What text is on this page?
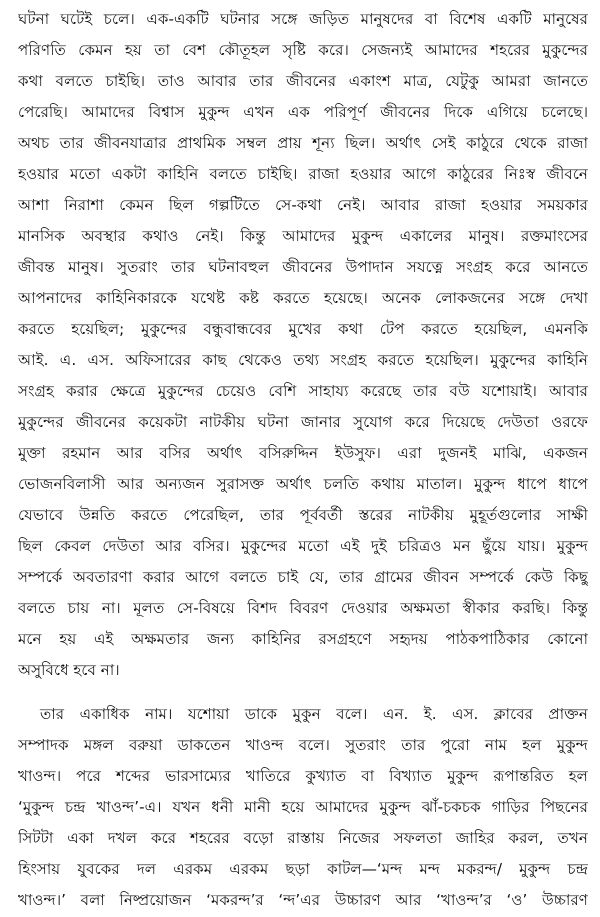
ঘটনা ঘটেই চলে। এক-একটি ঘটনার সঙ্গে জড়িত মানুষদের বা বিশেষ একটি মানুষের
পরিণতি কেমন হয় তা বেশ কৌতূহল সৃষ্টি করে। সেজন্যই আমাদের শহরের মুকুন্দের
কথা বলতে চাইছি। তাও আবার তার জীবনের একাংশ মাত্র, যেটুকু আমরা জানতে
পেরেছি। আমাদের বিশ্বাস মুকুন্দ এখন এক পরিপূর্ণ জীবনের দিকে এগিয়ে চলেছে।
অথচ তার জীবনযাত্রার প্রাথমিক সম্বল প্রায় শূন্য ছিল। অর্থাৎ সেই কাঠুরে থেকে রাজা
হওয়ার মতো একটা কাহিনি বলতে চাইছি। রাজা হওয়ার আগে কাঠুরের নিঃস্ব জীবনে
আশা নিরাশা কেমন ছিল গল্পটিতে সে-কথা নেই। আবার রাজা হওয়ার সময়কার
মানসিক অবস্থার কথাও নেই। কিন্তু আমাদের মুকুন্দ একালের মানুষ। রক্তমাংসের
জীবন্ত মানুষ। সুতরাং তার ঘটনাবহুল জীবনের উপাদান সযত্নে সংগ্রহ করে আনতে
আপনাদের কাহিনিকারকে যথেষ্ট কষ্ট করতে হয়েছে। অনেক লোকজনের সঙ্গে দেখা
করতে হয়েছিল; মুকুন্দের বন্ধুবান্ধবের মুখের কথা টেপ করতে হয়েছিল, এমনকি
আই. এ. এস. অফিসারের কাছ থেকেও তথ্য সংগ্রহ করতে হয়েছিল। মুকুন্দের কাহিনি
সংগ্রহ করার ক্ষেত্রে মুকুন্দের চেয়েও বেশি সাহায্য করেছে তার বউ যশোয়াই। আবার
মুকুন্দের জীবনের কয়েকটা নাটকীয় ঘটনা জানার সুযোগ করে দিয়েছে দেউতা ওরফে
মুক্তা রহমান আর বসির অর্থাৎ বসিরুদ্দিন ইউসুফ। এরা দুজনই মাঝি, একজন
ভোজনবিলাসী আর অন্যজন সুরাসক্ত অর্থাৎ চলতি কথায় মাতাল। মুকুন্দ ধাপে ধাপে
যেভাবে উন্নতি করতে পেরেছিল, তার পূর্ববর্তী স্তরের নাটকীয় মুহূর্তগুলোর সাক্ষী
ছিল কেবল দেউতা আর বসির। মুকুন্দের মতো এই দুই চরিত্রও মন ছুঁয়ে যায়। মুকুন্দ
সম্পর্কে অবতারণা করার আগে বলতে চাই যে, তার গ্রামের জীবন সম্পর্কে কেউ কিছু
বলতে চায় না। মূলত সে-বিষয়ে বিশদ বিবরণ দেওয়ার অক্ষমতা স্বীকার করছি। কিন্তু
মনে হয় এই অক্ষমতার জন্য কাহিনির রসগ্রহণে সহৃদয় পাঠকপাঠিকার কোনো
অসুবিধে হবে না।
তার একাধিক নাম। যশোয়া ডাকে মুকুন বলে। এন. ই. এস. ক্লাবের প্রাক্তন
সম্পাদক মঙ্গল বরুয়া ডাকতেন খাওন্দ বলে। সুতরাং তার পুরো নাম হল মুকুন্দ
খাওন্দ। পরে শব্দের ভারসাম্যের খাতিরে কুখ্যাত বা বিখ্যাত মুকুন্দ রূপান্তরিত হল
‘মুকুন্দ চন্দ্র খাওন্দ’-এ। যখন ধনী মানী হয়ে আমাদের মুকুন্দ ঝাঁ-চকচক গাড়ির পিছনের
সিটটা একা দখল করে শহরের বড়ো রাস্তায় নিজের সফলতা জাহির করল, তখন
হিংসায় যুবকের দল এরকম এরকম ছড়া কাটল—‘মন্দ মন্দ মকরন্দ/ মুকুন্দ চন্দ্র
খাওন্দ।’ বলা নিষ্প্রয়োজন ‘মকরন্দ’র ‘ন্দ’এর উচ্চারণ আর ‘খাওন্দ’র ‘ও’ উচ্চারণ
